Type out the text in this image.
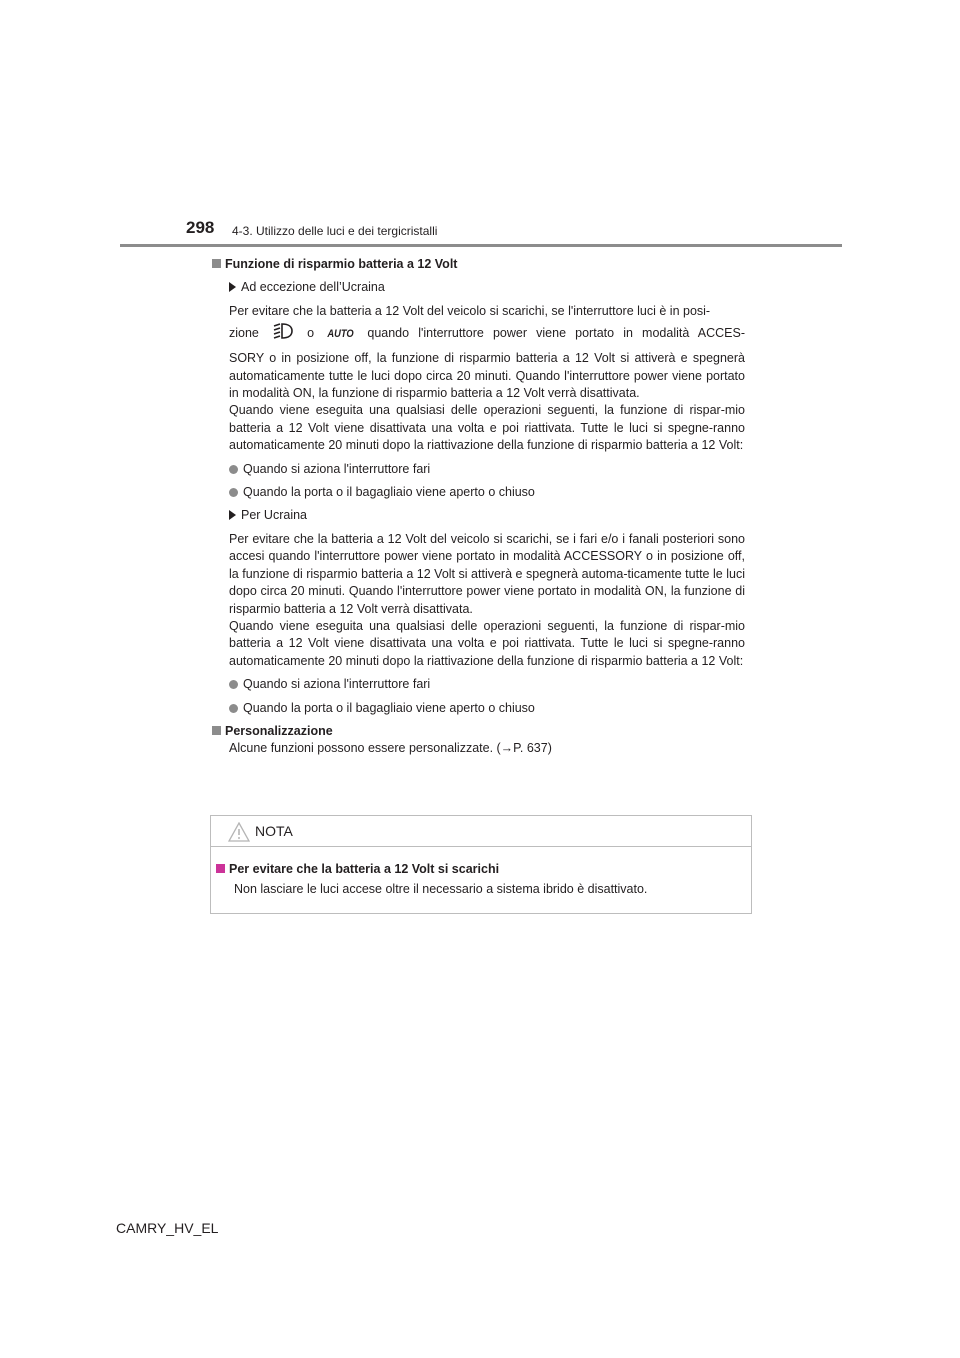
298 4-3. Utilizzo delle luci e dei tergicristalli

Funzione di risparmio batteria a 12 Volt

Ad eccezione dell’Ucraina

Per evitare che la batteria a 12 Volt del veicolo si scarichi, se l'interruttore luci è in posi-

zione	o AUTO quando l'interruttore power viene portato in modalità ACCES-

SORY o in posizione off, la funzione di risparmio batteria a 12 Volt si attiverà e spegnerà automaticamente tutte le luci dopo circa 20 minuti. Quando l'interruttore power viene portato in modalità ON, la funzione di risparmio batteria a 12 Volt verrà disattivata.

Quando viene eseguita una qualsiasi delle operazioni seguenti, la funzione di rispar-mio batteria a 12 Volt viene disattivata una volta e poi riattivata. Tutte le luci si spegne-ranno automaticamente 20 minuti dopo la riattivazione della funzione di risparmio batteria a 12 Volt:

Quando si aziona l'interruttore fari

Quando la porta o il bagagliaio viene aperto o chiuso

Per Ucraina

Per evitare che la batteria a 12 Volt del veicolo si scarichi, se i fari e/o i fanali posteriori sono accesi quando l'interruttore power viene portato in modalità ACCESSORY o in posizione off, la funzione di risparmio batteria a 12 Volt si attiverà e spegnerà automa-ticamente tutte le luci dopo circa 20 minuti. Quando l'interruttore power viene portato in modalità ON, la funzione di risparmio batteria a 12 Volt verrà disattivata.

Quando viene eseguita una qualsiasi delle operazioni seguenti, la funzione di rispar-mio batteria a 12 Volt viene disattivata una volta e poi riattivata. Tutte le luci si spegne-ranno automaticamente 20 minuti dopo la riattivazione della funzione di risparmio batteria a 12 Volt:

Quando si aziona l'interruttore fari

Quando la porta o il bagagliaio viene aperto o chiuso

Personalizzazione

Alcune funzioni possono essere personalizzate. (→P. 637)

NOTA

Per evitare che la batteria a 12 Volt si scarichi

Non lasciare le luci accese oltre il necessario a sistema ibrido è disattivato.

CAMRY_HV_EL
